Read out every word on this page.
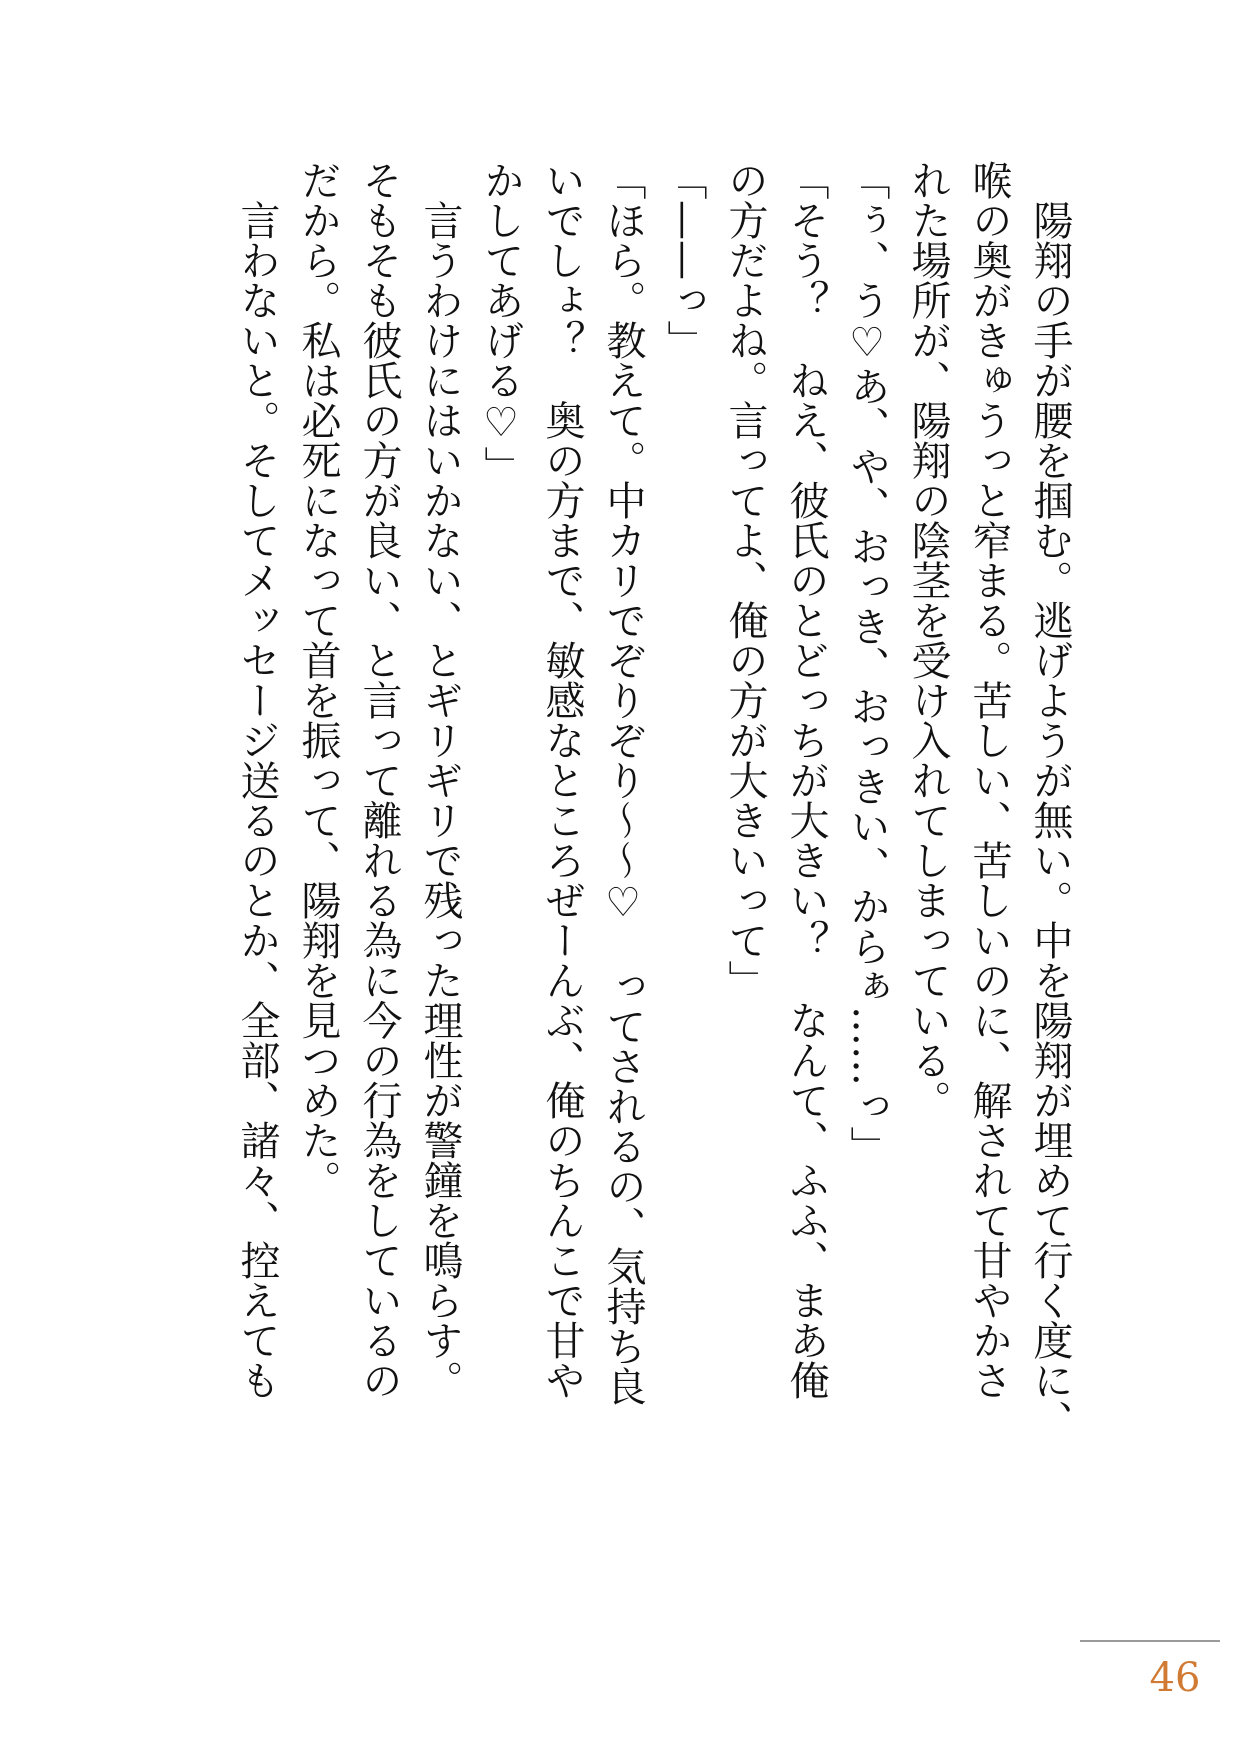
　陽翔の手が腰を掴む。逃げようが無い。中を陽翔が埋めて行く度に、

喉の奥がきゅうっと窄まる。苦しい、苦しいのに、解されて甘やかさ

れた場所が、陽翔の陰茎を受け入れてしまっている。

「ぅ、う♡あ、や、おっき、おっきい、からぁ……っ」

「そう？　ねえ、彼氏のとどっちが大きい？　なんて、ふふ、まあ俺

の方だよね。言ってよ、俺の方が大きいって」

「——っ」

「ほら。教えて。中カリでぞりぞり〜〜♡　ってされるの、気持ち良

いでしょ？　奥の方まで、敏感なところぜーんぶ、俺のちんこで甘や

かしてあげる♡」

　言うわけにはいかない、とギリギリで残った理性が警鐘を鳴らす。

そもそも彼氏の方が良い、と言って離れる為に今の行為をしているの

だから。私は必死になって首を振って、陽翔を見つめた。

　言わないと。そしてメッセージ送るのとか、全部、諸々、控えても

46
